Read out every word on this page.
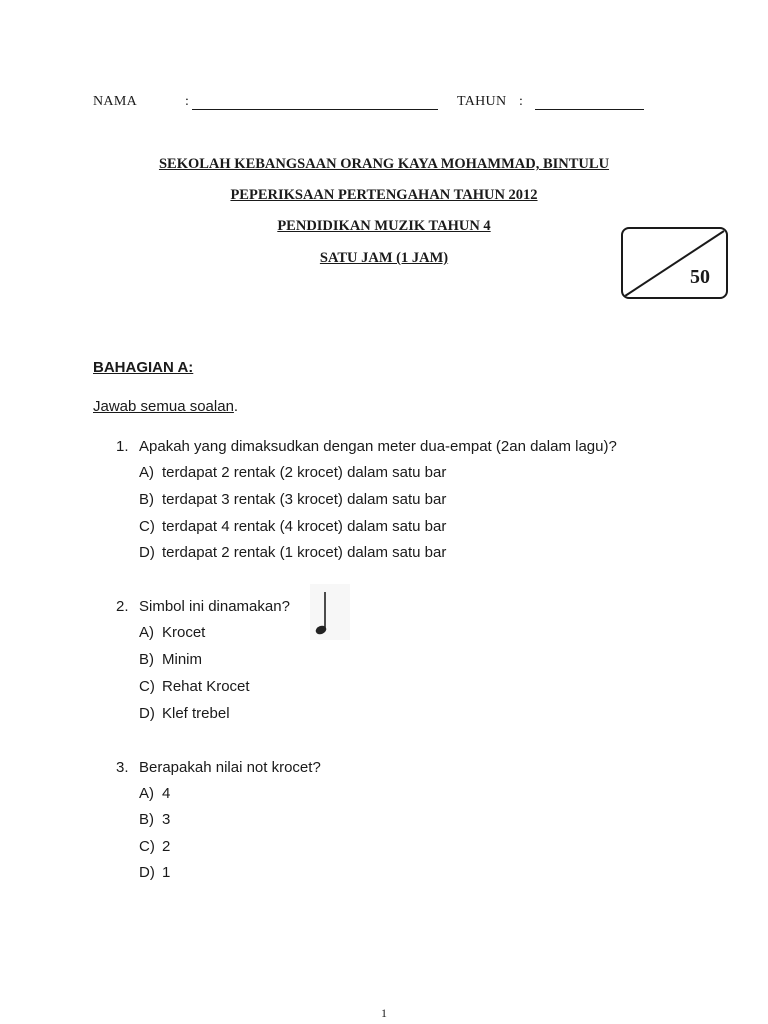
NAMA	:	TAHUN :
SEKOLAH KEBANGSAAN ORANG KAYA MOHAMMAD, BINTULU
PEPERIKSAAN PERTENGAHAN TAHUN 2012
PENDIDIKAN MUZIK TAHUN 4
SATU JAM (1 JAM)
50
BAHAGIAN A:
Jawab semua soalan.
1. Apakah yang dimaksudkan dengan meter dua-empat (2an dalam lagu)?
A) terdapat 2 rentak (2 krocet) dalam satu bar
B) terdapat 3 rentak (3 krocet) dalam satu bar
C) terdapat 4 rentak (4 krocet) dalam satu bar
D) terdapat 2 rentak (1 krocet) dalam satu bar
2. Simbol ini dinamakan?
A) Krocet
B) Minim
C) Rehat Krocet
D) Klef trebel
3. Berapakah nilai not krocet?
A) 4
B) 3
C) 2
D) 1
1
